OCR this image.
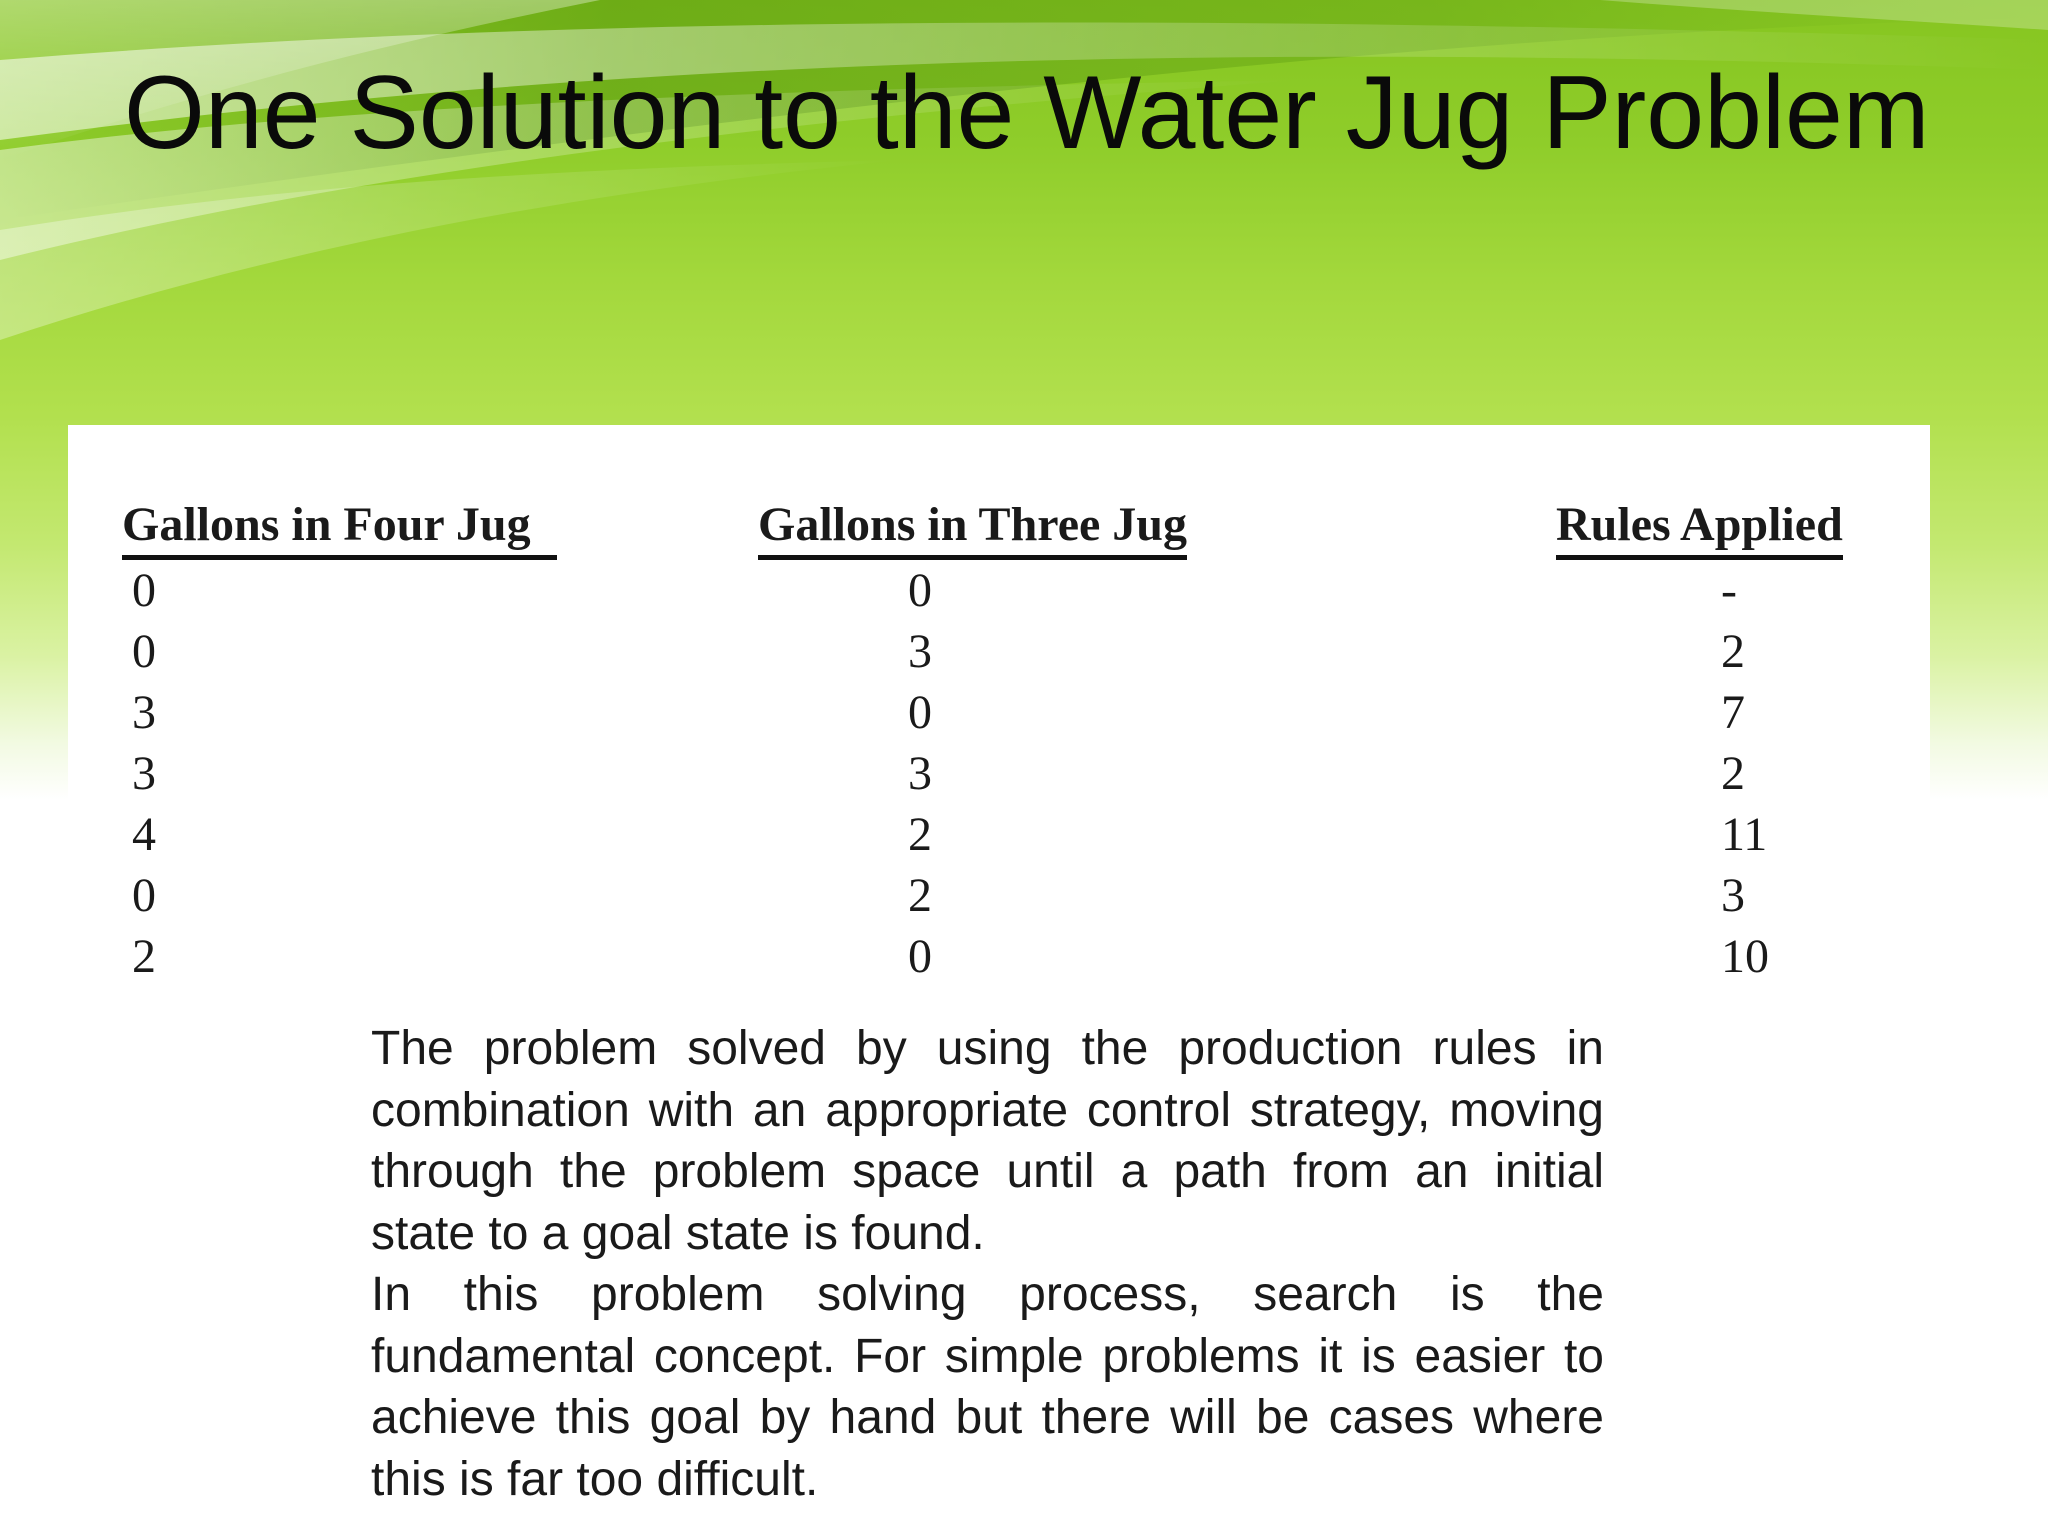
One Solution to the Water Jug Problem
Gallons in Four Jug
0
0
3
3
4
0
2
Gallons in Three Jug
0
3
0
3
2
2
0
Rules Applied
-
2
7
2
11
3
10

The problem solved by using the production rules in combination with an appropriate control strategy, moving through the problem space until a path from an initial state to a goal state is found.

In this problem solving process, search is the fundamental concept. For simple problems it is easier to achieve this goal by hand but there will be cases where this is far too difficult.
